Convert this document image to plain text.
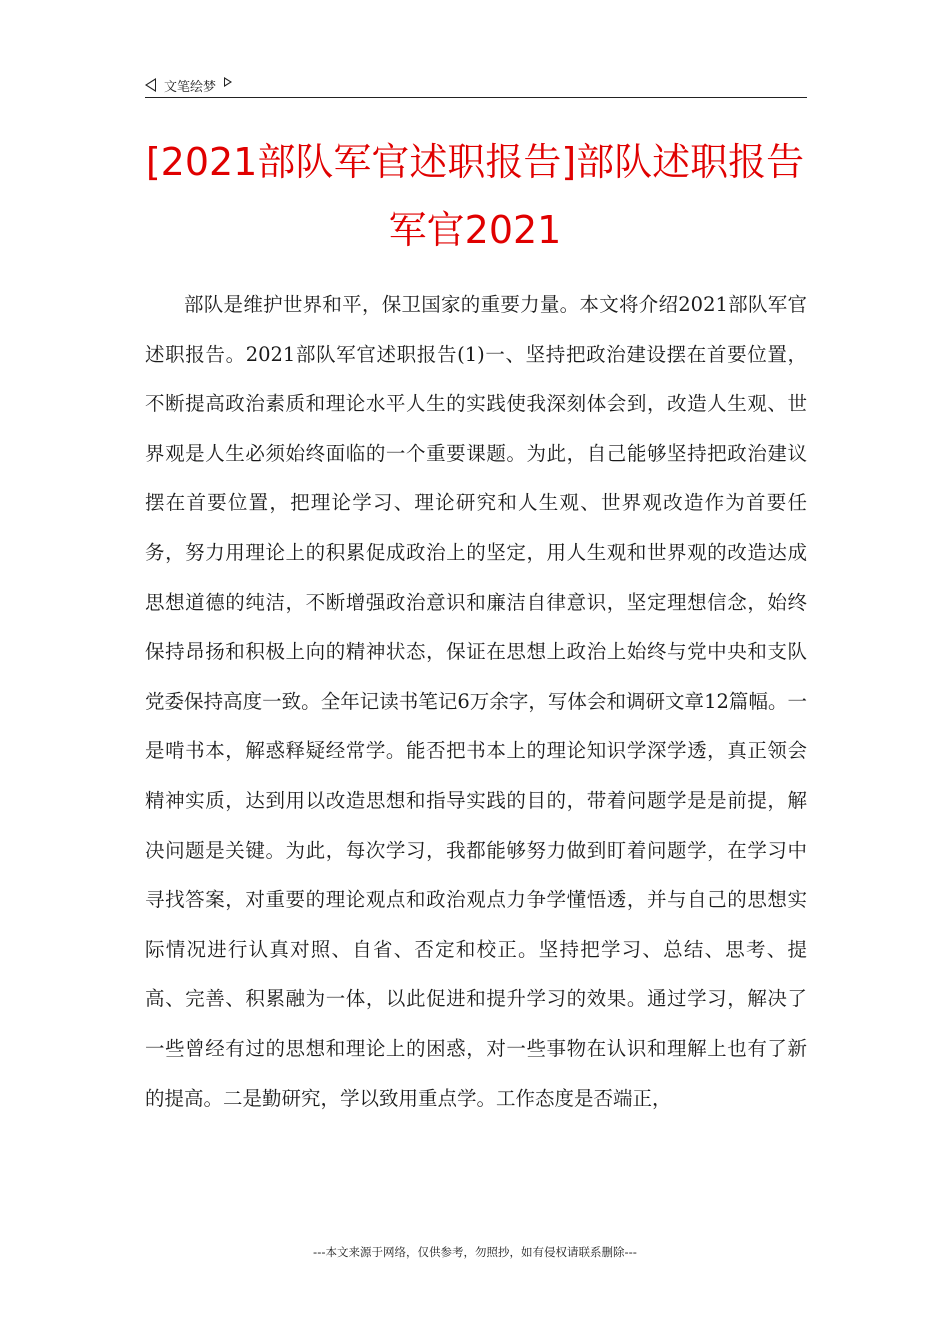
文笔绘梦
[2021部队军官述职报告]部队述职报告军官2021
部队是维护世界和平，保卫国家的重要力量。本文将介绍2021部队军官述职报告。2021部队军官述职报告(1)一、坚持把政治建设摆在首要位置，不断提高政治素质和理论水平人生的实践使我深刻体会到，改造人生观、世界观是人生必须始终面临的一个重要课题。为此，自己能够坚持把政治建议摆在首要位置，把理论学习、理论研究和人生观、世界观改造作为首要任务，努力用理论上的积累促成政治上的坚定，用人生观和世界观的改造达成思想道德的纯洁，不断增强政治意识和廉洁自律意识，坚定理想信念，始终保持昂扬和积极上向的精神状态，保证在思想上政治上始终与党中央和支队党委保持高度一致。全年记读书笔记6万余字，写体会和调研文章12篇幅。一是啃书本，解惑释疑经常学。能否把书本上的理论知识学深学透，真正领会精神实质，达到用以改造思想和指导实践的目的，带着问题学是是前提，解决问题是关键。为此，每次学习，我都能够努力做到盯着问题学，在学习中寻找答案，对重要的理论观点和政治观点力争学懂悟透，并与自己的思想实际情况进行认真对照、自省、否定和校正。坚持把学习、总结、思考、提高、完善、积累融为一体，以此促进和提升学习的效果。通过学习，解决了一些曾经有过的思想和理论上的困惑，对一些事物在认识和理解上也有了新的提高。二是勤研究，学以致用重点学。工作态度是否端正，
---本文来源于网络，仅供参考，勿照抄，如有侵权请联系删除---
